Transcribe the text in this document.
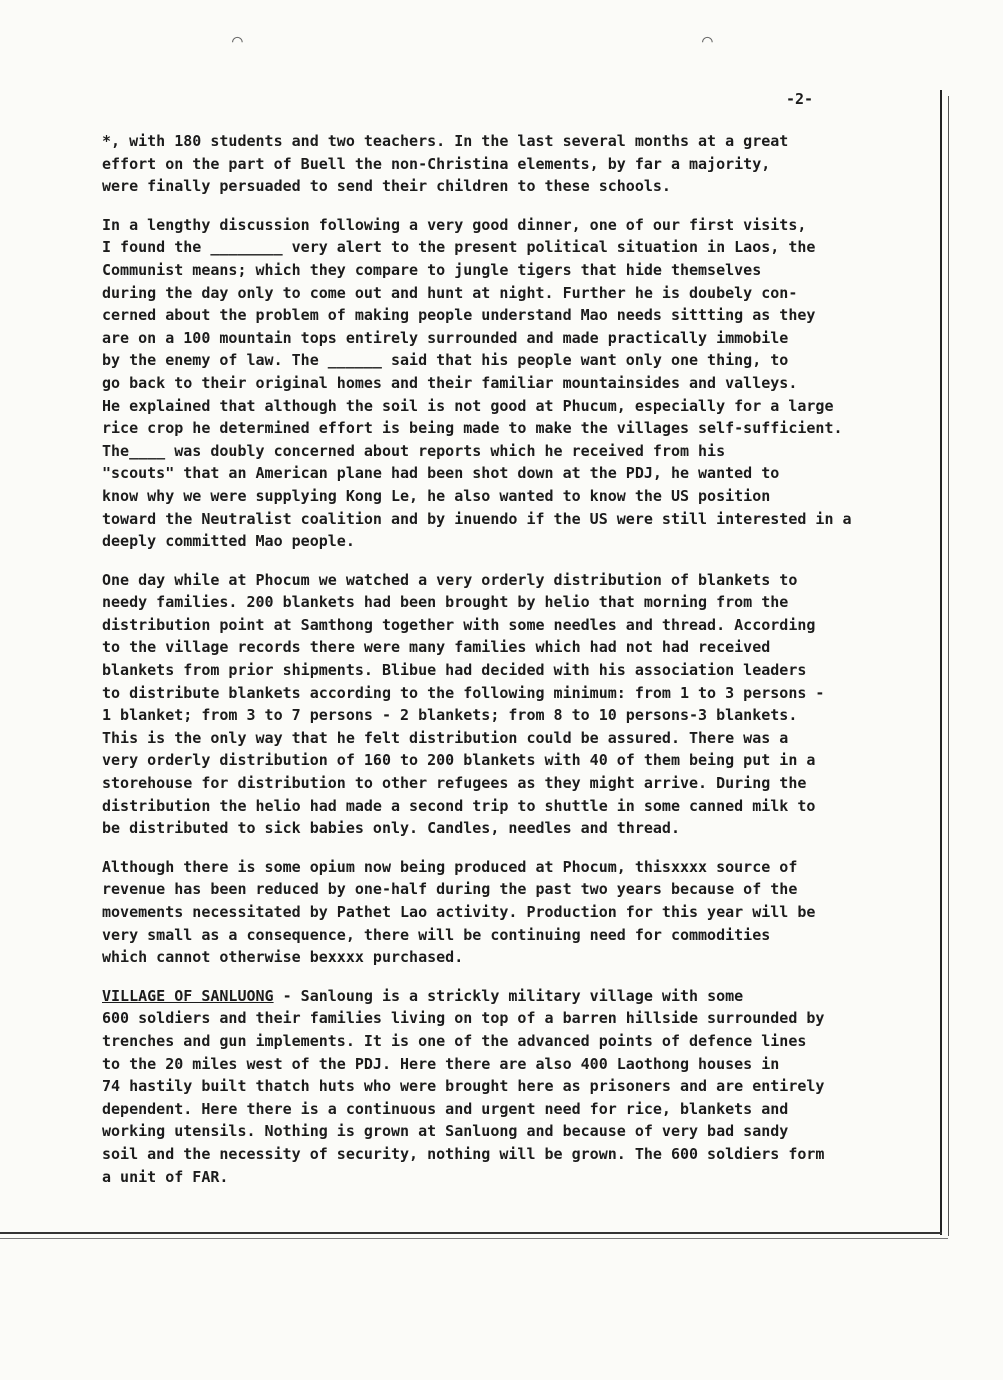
⌒	⌒
-2-
*, with 180 students and two teachers. In the last several months at a great
effort on the part of Buell the non-Christina elements, by far a majority,
were finally persuaded to send their children to these schools.
In a lengthy discussion following a very good dinner, one of our first visits,
I found the ________ very alert to the present political situation in Laos, the
Communist means; which they compare to jungle tigers that hide themselves
during the day only to come out and hunt at night. Further he is doubely con-
cerned about the problem of making people understand Mao needs sittting as they
are on a 100 mountain tops entirely surrounded and made practically immobile
by the enemy of law. The ______ said that his people want only one thing, to
go back to their original homes and their familiar mountainsides and valleys.
He explained that although the soil is not good at Phucum, especially for a large
rice crop he determined effort is being made to make the villages self-sufficient.
The____ was doubly concerned about reports which he received from his
"scouts" that an American plane had been shot down at the PDJ, he wanted to
know why we were supplying Kong Le, he also wanted to know the US position
toward the Neutralist coalition and by inuendo if the US were still interested in a
deeply committed Mao people.
One day while at Phocum we watched a very orderly distribution of blankets to
needy families. 200 blankets had been brought by helio that morning from the
distribution point at Samthong together with some needles and thread. According
to the village records there were many families which had not had received
blankets from prior shipments. Blibue had decided with his association leaders
to distribute blankets according to the following minimum: from 1 to 3 persons -
1 blanket; from 3 to 7 persons - 2 blankets; from 8 to 10 persons-3 blankets.
This is the only way that he felt distribution could be assured. There was a
very orderly distribution of 160 to 200 blankets with 40 of them being put in a
storehouse for distribution to other refugees as they might arrive. During the
distribution the helio had made a second trip to shuttle in some canned milk to
be distributed to sick babies only. Candles, needles and thread.
Although there is some opium now being produced at Phocum, thisxxxx source of
revenue has been reduced by one-half during the past two years because of the
movements necessitated by Pathet Lao activity. Production for this year will be
very small as a consequence, there will be continuing need for commodities
which cannot otherwise bexxxx purchased.
VILLAGE OF SANLUONG - Sanloung is a strickly military village with some
600 soldiers and their families living on top of a barren hillside surrounded by
trenches and gun implements. It is one of the advanced points of defence lines
to the 20 miles west of the PDJ. Here there are also 400 Laothong houses in
74 hastily built thatch huts who were brought here as prisoners and are entirely
dependent. Here there is a continuous and urgent need for rice, blankets and
working utensils. Nothing is grown at Sanluong and because of very bad sandy
soil and the necessity of security, nothing will be grown. The 600 soldiers form
a unit of FAR.
